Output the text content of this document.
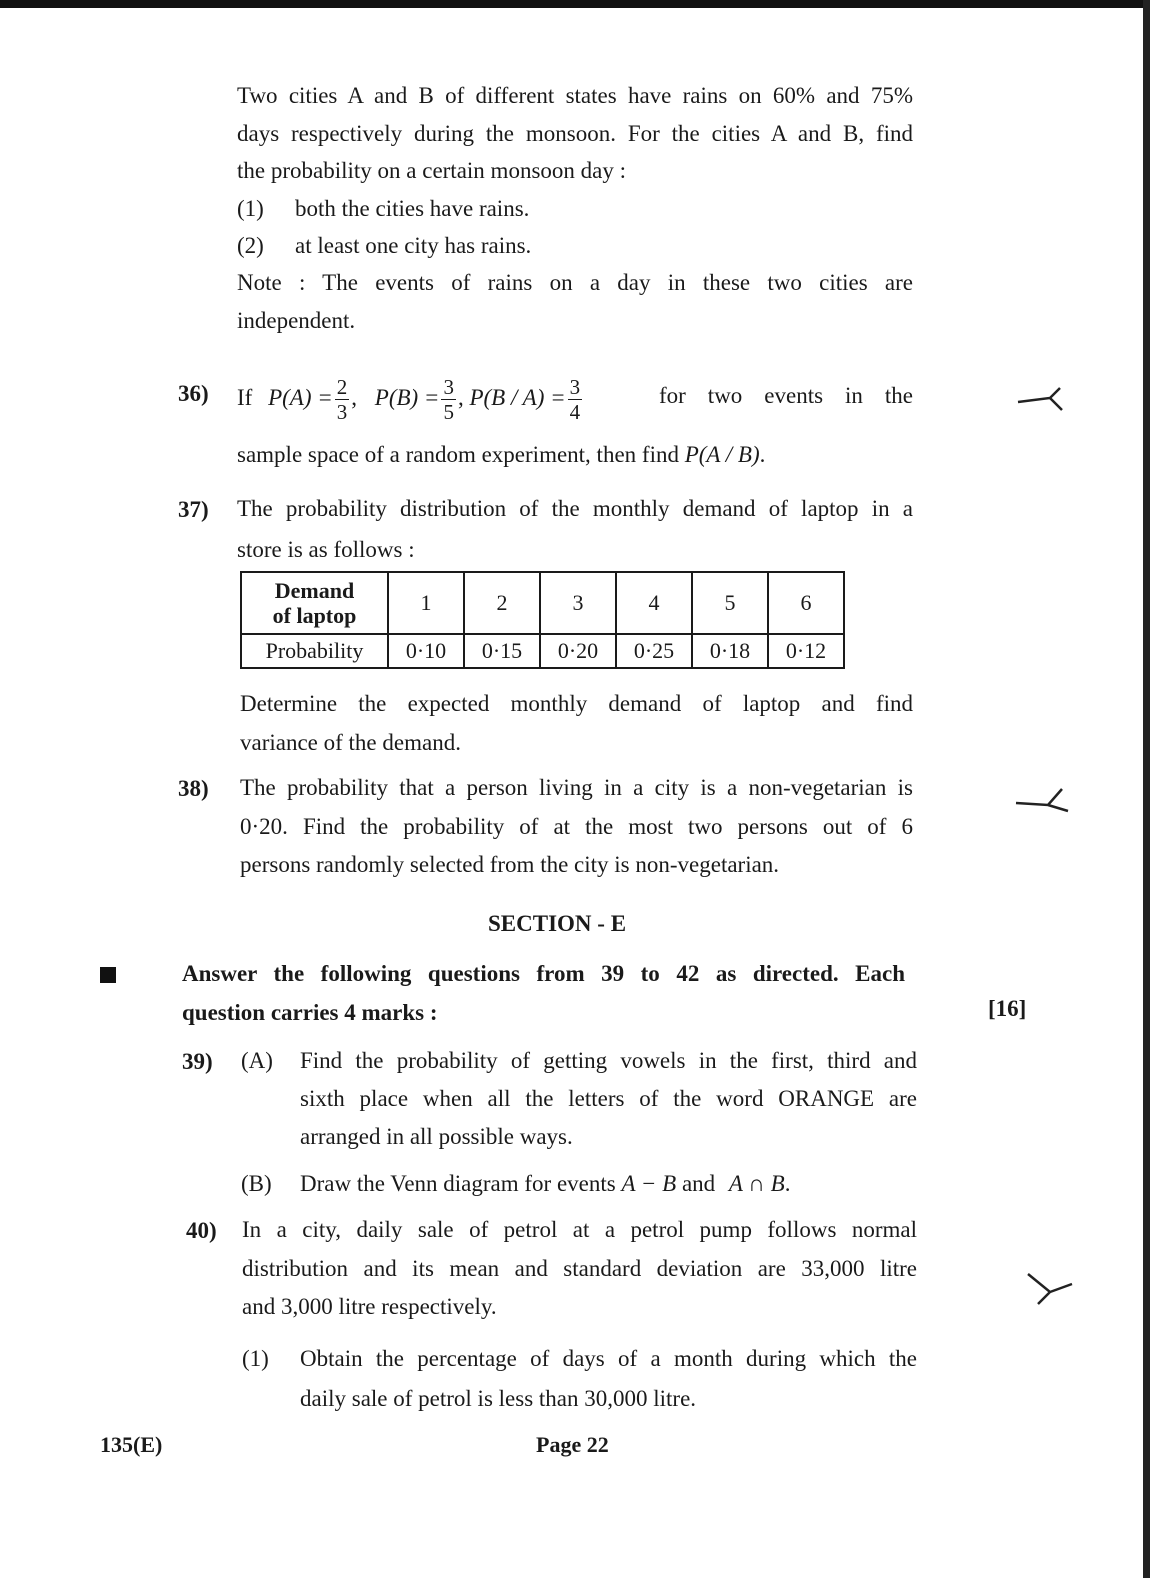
Two cities A and B of different states have rains on 60% and 75%
days respectively during the monsoon. For the cities A and B, find
the probability on a certain monsoon day :
(1) both the cities have rains.
(2) at least one city has rains.
Note : The events of rains on a day in these two cities are
independent.
36) If $P(A) = \frac{2}{3}$ , $P(B) = \frac{3}{5}$ , $P(B / A) = \frac{3}{4}$	for two events in the
sample space of a random experiment, then find P(A / B).
37) The probability distribution of the monthly demand of laptop in a
store is as follows :
Demand
of laptop	1	2	3	4	5	6
Probability	0·10	0·15	0·20	0·25	0·18	0·12
Determine the expected monthly demand of laptop and find
variance of the demand.
38) The probability that a person living in a city is a non-vegetarian is
0·20. Find the probability of at the most two persons out of 6
persons randomly selected from the city is non-vegetarian.
SECTION - E
Answer the following questions from 39 to 42 as directed. Each
question carries 4 marks :	[16]
39) (A) Find the probability of getting vowels in the first, third and
sixth place when all the letters of the word ORANGE are
arranged in all possible ways.
(B) Draw the Venn diagram for events A − B and A ∩ B.
40) In a city, daily sale of petrol at a petrol pump follows normal
distribution and its mean and standard deviation are 33,000 litre
and 3,000 litre respectively.
(1) Obtain the percentage of days of a month during which the
daily sale of petrol is less than 30,000 litre.
135(E)	Page 22
